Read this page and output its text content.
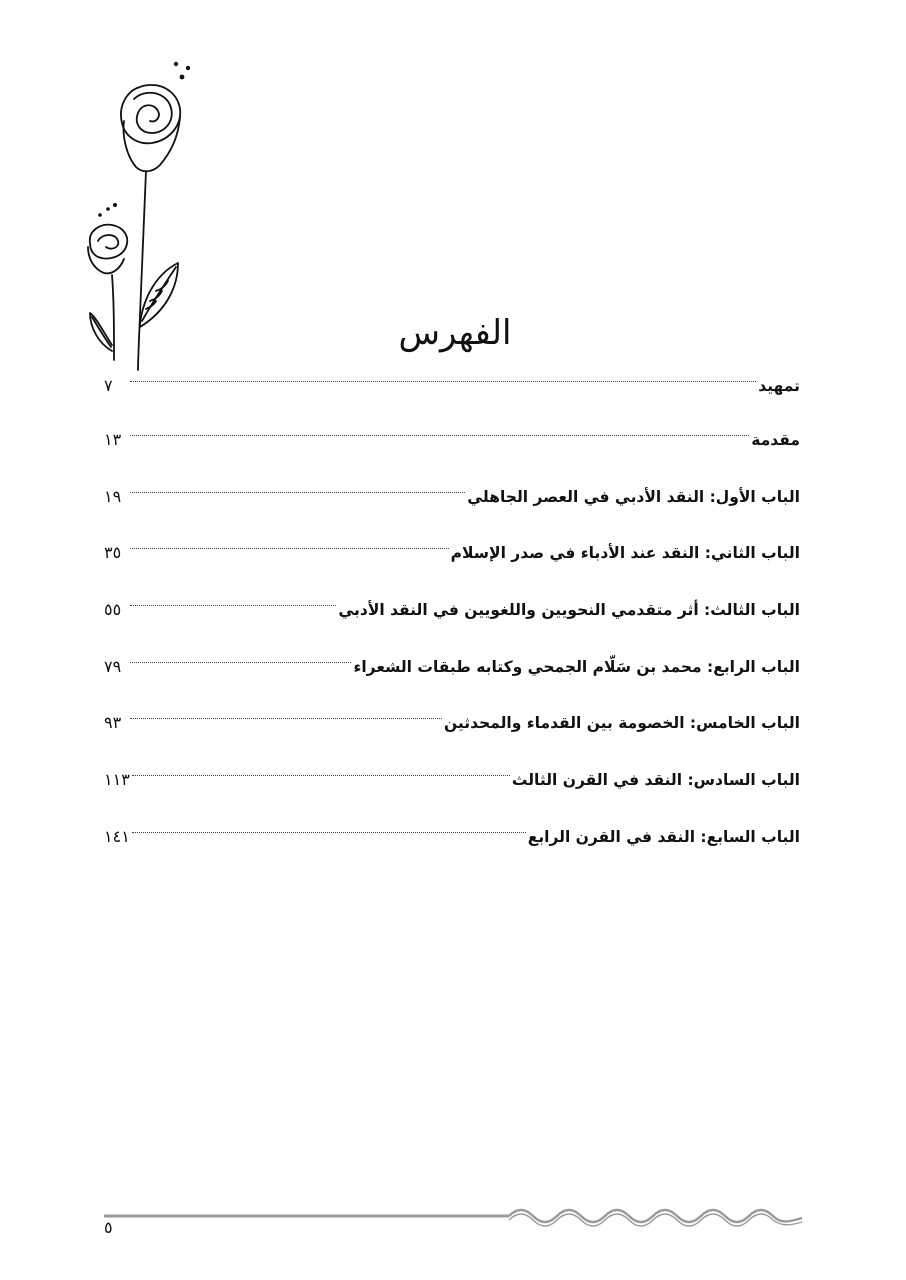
الفهرس
تمهيد
٧
مقدمة
١٣
الباب الأول: النقد الأدبي في العصر الجاهلي
١٩
الباب الثاني: النقد عند الأدباء في صدر الإسلام
٣٥
الباب الثالث: أثر متقدمي النحويين واللغويين في النقد الأدبي
٥٥
الباب الرابع: محمد بن سَلّام الجمحي وكتابه طبقات الشعراء
٧٩
الباب الخامس: الخصومة بين القدماء والمحدثين
٩٣
الباب السادس: النقد في القرن الثالث
١١٣
الباب السابع: النقد في القرن الرابع
١٤١
٥
